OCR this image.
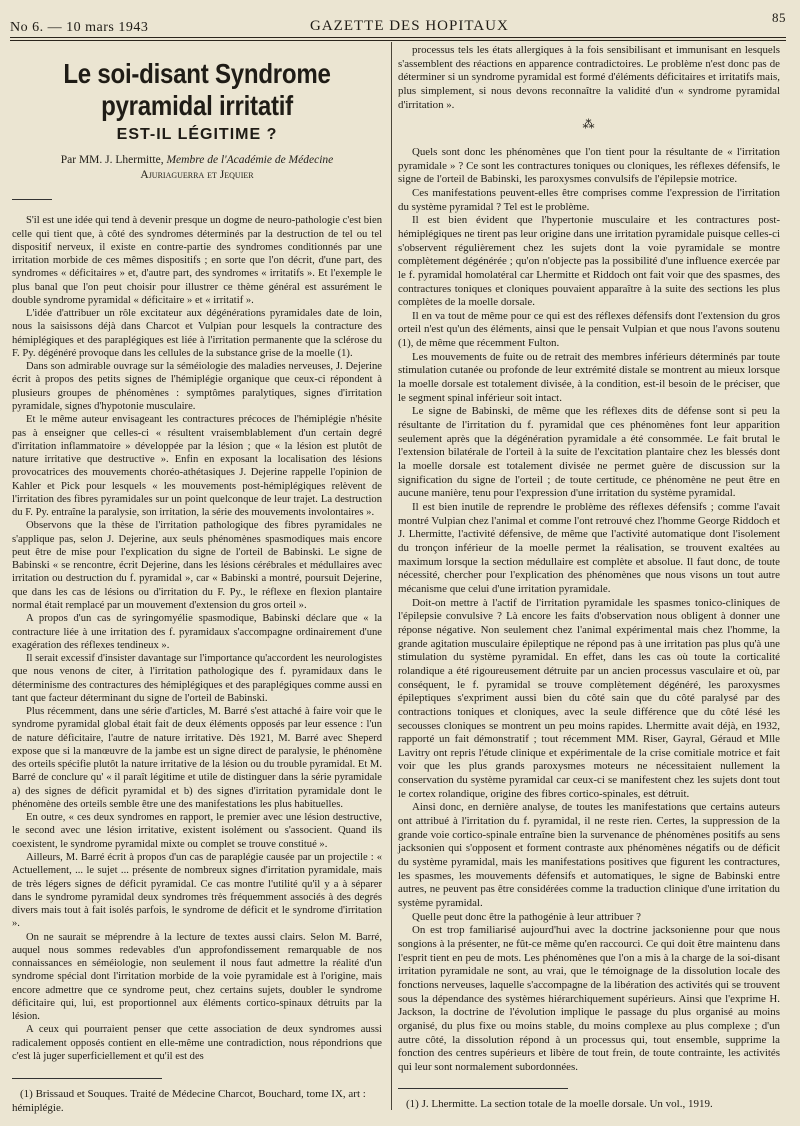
No 6. — 10 mars 1943	GAZETTE DES HOPITAUX
85
Le soi-disant Syndrome pyramidal irritatif
EST-IL LÉGITIME ?
Par MM. J. Lhermitte, Membre de l'Académie de Médecine
Ajuriaguerra et Jequier

S'il est une idée qui tend à devenir presque un dogme de neuro-pathologie c'est bien celle qui tient que, à côté des syndromes déterminés par la destruction de tel ou tel dispositif nerveux, il existe en contre-partie des syndromes conditionnés par une irritation morbide de ces mêmes dispositifs ; en sorte que l'on décrit, d'une part, des syndromes « déficitaires » et, d'autre part, des syndromes « irritatifs ». Et l'exemple le plus banal que l'on peut choisir pour illustrer ce thème général est assurément le double syndrome pyramidal « déficitaire » et « irritatif ».

L'idée d'attribuer un rôle excitateur aux dégénérations pyramidales date de loin, nous la saisissons déjà dans Charcot et Vulpian pour lesquels la contracture des hémiplégiques et des paraplégiques est liée à l'irritation permanente que la sclérose du F. Py. dégénéré provoque dans les cellules de la substance grise de la moelle (1).

Dans son admirable ouvrage sur la séméiologie des maladies nerveuses, J. Dejerine écrit à propos des petits signes de l'hémiplégie organique que ceux-ci répondent à plusieurs groupes de phénomènes : symptômes paralytiques, signes d'irritation pyramidale, signes d'hypotonie musculaire.

Et le même auteur envisageant les contractures précoces de l'hémiplégie n'hésite pas à enseigner que celles-ci « résultent vraisemblablement d'un certain degré d'irritation inflammatoire » développée par la lésion ; que « la lésion est plutôt de nature irritative que destructive ». Enfin en exposant la localisation des lésions provocatrices des mouvements choréo-athétasiques J. Dejerine rappelle l'opinion de Kahler et Pick pour lesquels « les mouvements post-hémiplégiques relèvent de l'irritation des fibres pyramidales sur un point quelconque de leur trajet. La destruction du F. Py. entraîne la paralysie, son irritation, la série des mouvements involontaires ».

Observons que la thèse de l'irritation pathologique des fibres pyramidales ne s'applique pas, selon J. Dejerine, aux seuls phénomènes spasmodiques mais encore peut être de mise pour l'explication du signe de l'orteil de Babinski. Le signe de Babinski « se rencontre, écrit Dejerine, dans les lésions cérébrales et médullaires avec irritation ou destruction du f. pyramidal », car « Babinski a montré, poursuit Dejerine, que dans les cas de lésions ou d'irritation du F. Py., le réflexe en flexion plantaire normal était remplacé par un mouvement d'extension du gros orteil ».

A propos d'un cas de syringomyélie spasmodique, Babinski déclare que « la contracture liée à une irritation des f. pyramidaux s'accompagne ordinairement d'une exagération des réflexes tendineux ».

Il serait excessif d'insister davantage sur l'importance qu'accordent les neurologistes que nous venons de citer, à l'irritation pathologique des f. pyramidaux dans le déterminisme des contractures des hémiplégiques et des paraplégiques comme aussi en tant que facteur déterminant du signe de l'orteil de Babinski.

Plus récemment, dans une série d'articles, M. Barré s'est attaché à faire voir que le syndrome pyramidal global était fait de deux éléments opposés par leur essence : l'un de nature déficitaire, l'autre de nature irritative. Dès 1921, M. Barré avec Sheperd expose que si la manœuvre de la jambe est un signe direct de paralysie, le phénomène des orteils spécifie plutôt la nature irritative de la lésion ou du trouble pyramidal. Et M. Barré de conclure qu' « il paraît légitime et utile de distinguer dans la série pyramidale a) des signes de déficit pyramidal et b) des signes d'irritation pyramidale dont le phénomène des orteils semble être une des manifestations les plus habituelles.

En outre, « ces deux syndromes en rapport, le premier avec une lésion destructive, le second avec une lésion irritative, existent isolément ou s'associent. Quand ils coexistent, le syndrome pyramidal mixte ou complet se trouve constitué ».

Ailleurs, M. Barré écrit à propos d'un cas de paraplégie causée par un projectile : « Actuellement, ... le sujet ... présente de nombreux signes d'irritation pyramidale, mais de très légers signes de déficit pyramidal. Ce cas montre l'utilité qu'il y a à séparer dans le syndrome pyramidal deux syndromes très fréquemment associés à des degrés divers mais tout à fait isolés parfois, le syndrome de déficit et le syndrome d'irritation ».

On ne saurait se méprendre à la lecture de textes aussi clairs. Selon M. Barré, auquel nous sommes redevables d'un approfondissement remarquable de nos connaissances en séméiologie, non seulement il nous faut admettre la réalité d'un syndrome spécial dont l'irritation morbide de la voie pyramidale est à l'origine, mais encore admettre que ce syndrome peut, chez certains sujets, doubler le syndrome déficitaire qui, lui, est proportionnel aux éléments cortico-spinaux détruits par la lésion.

A ceux qui pourraient penser que cette association de deux syndromes aussi radicalement opposés contient en elle-même une contradiction, nous répondrions que c'est là juger superficiellement et qu'il est des

(1) Brissaud et Souques. Traité de Médecine Charcot, Bouchard, tome IX, art : hémiplégie.

processus tels les états allergiques à la fois sensibilisant et immunisant en lesquels s'assemblent des réactions en apparence contradictoires. Le problème n'est donc pas de déterminer si un syndrome pyramidal est formé d'éléments déficitaires et irritatifs mais, plus simplement, si nous devons reconnaître la validité d'un « syndrome pyramidal d'irritation ».

⁂

Quels sont donc les phénomènes que l'on tient pour la résultante de « l'irritation pyramidale » ? Ce sont les contractures toniques ou cloniques, les réflexes défensifs, le signe de l'orteil de Babinski, les paroxysmes convulsifs de l'épilepsie motrice.

Ces manifestations peuvent-elles être comprises comme l'expression de l'irritation du système pyramidal ? Tel est le problème.

Il est bien évident que l'hypertonie musculaire et les contractures post-hémiplégiques ne tirent pas leur origine dans une irritation pyramidale puisque celles-ci s'observent régulièrement chez les sujets dont la voie pyramidale se montre complètement dégénérée ; qu'on n'objecte pas la possibilité d'une influence exercée par le f. pyramidal homolatéral car Lhermitte et Riddoch ont fait voir que des spasmes, des contractures toniques et cloniques pouvaient apparaître à la suite des sections les plus complètes de la moelle dorsale.

Il en va tout de même pour ce qui est des réflexes défensifs dont l'extension du gros orteil n'est qu'un des éléments, ainsi que le pensait Vulpian et que nous l'avons soutenu (1), de même que récemment Fulton.

Les mouvements de fuite ou de retrait des membres inférieurs déterminés par toute stimulation cutanée ou profonde de leur extrémité distale se montrent au mieux lorsque la moelle dorsale est totalement divisée, à la condition, est-il besoin de le préciser, que le segment spinal inférieur soit intact.

Le signe de Babinski, de même que les réflexes dits de défense sont si peu la résultante de l'irritation du f. pyramidal que ces phénomènes font leur apparition seulement après que la dégénération pyramidale a été consommée. Le fait brutal le l'extension bilatérale de l'orteil à la suite de l'excitation plantaire chez les blessés dont la moelle dorsale est totalement divisée ne permet guère de discussion sur la signification du signe de l'orteil ; de toute certitude, ce phénomène ne peut être en aucune manière, tenu pour l'expression d'une irritation du système pyramidal.

Il est bien inutile de reprendre le problème des réflexes défensifs ; comme l'avait montré Vulpian chez l'animal et comme l'ont retrouvé chez l'homme George Riddoch et J. Lhermitte, l'activité défensive, de même que l'activité automatique dont l'isolement du tronçon inférieur de la moelle permet la réalisation, se trouvent exaltées au maximum lorsque la section médullaire est complète et absolue. Il faut donc, de toute nécessité, chercher pour l'explication des phénomènes que nous visons un tout autre mécanisme que celui d'une irritation pyramidale.

Doit-on mettre à l'actif de l'irritation pyramidale les spasmes tonico-cliniques de l'épilepsie convulsive ? Là encore les faits d'observation nous obligent à donner une réponse négative. Non seulement chez l'animal expérimental mais chez l'homme, la grande agitation musculaire épileptique ne répond pas à une irritation pas plus qu'à une stimulation du système pyramidal. En effet, dans les cas où toute la corticalité rolandique a été rigoureusement détruite par un ancien processus vasculaire et où, par conséquent, le f. pyramidal se trouve complètement dégénéré, les paroxysmes épileptiques s'expriment aussi bien du côté sain que du côté paralysé par des contractions toniques et cloniques, avec la seule différence que du côté lésé les secousses cloniques se montrent un peu moins rapides. Lhermitte avait déjà, en 1932, rapporté un fait démonstratif ; tout récemment MM. Riser, Gayral, Géraud et Mlle Lavitry ont repris l'étude clinique et expérimentale de la crise comitiale motrice et fait voir que les plus grands paroxysmes moteurs ne nécessitaient nullement la conservation du système pyramidal car ceux-ci se manifestent chez les sujets dont tout le cortex rolandique, origine des fibres cortico-spinales, est détruit.

Ainsi donc, en dernière analyse, de toutes les manifestations que certains auteurs ont attribué à l'irritation du f. pyramidal, il ne reste rien. Certes, la suppression de la grande voie cortico-spinale entraîne bien la survenance de phénomènes positifs au sens jacksonien qui s'opposent et forment contraste aux phénomènes négatifs ou de déficit du système pyramidal, mais les manifestations positives que figurent les contractures, les spasmes, les mouvements défensifs et automatiques, le signe de Babinski entre autres, ne peuvent pas être considérées comme la traduction clinique d'une irritation du système pyramidal.

Quelle peut donc être la pathogénie à leur attribuer ?

On est trop familiarisé aujourd'hui avec la doctrine jacksonienne pour que nous songions à la présenter, ne fût-ce même qu'en raccourci. Ce qui doit être maintenu dans l'esprit tient en peu de mots. Les phénomènes que l'on a mis à la charge de la soi-disant irritation pyramidale ne sont, au vrai, que le témoignage de la dissolution locale des fonctions nerveuses, laquelle s'accompagne de la libération des activités qui se trouvent sous la dépendance des systèmes hiérarchiquement supérieurs. Ainsi que l'exprime H. Jackson, la doctrine de l'évolution implique le passage du plus organisé au moins organisé, du plus fixe ou moins stable, du moins complexe au plus complexe ; d'un autre côté, la dissolution répond à un processus qui, tout ensemble, supprime la fonction des centres supérieurs et libère de tout frein, de toute contrainte, les activités qui leur sont normalement subordonnées.

(1) J. Lhermitte. La section totale de la moelle dorsale. Un vol., 1919.
